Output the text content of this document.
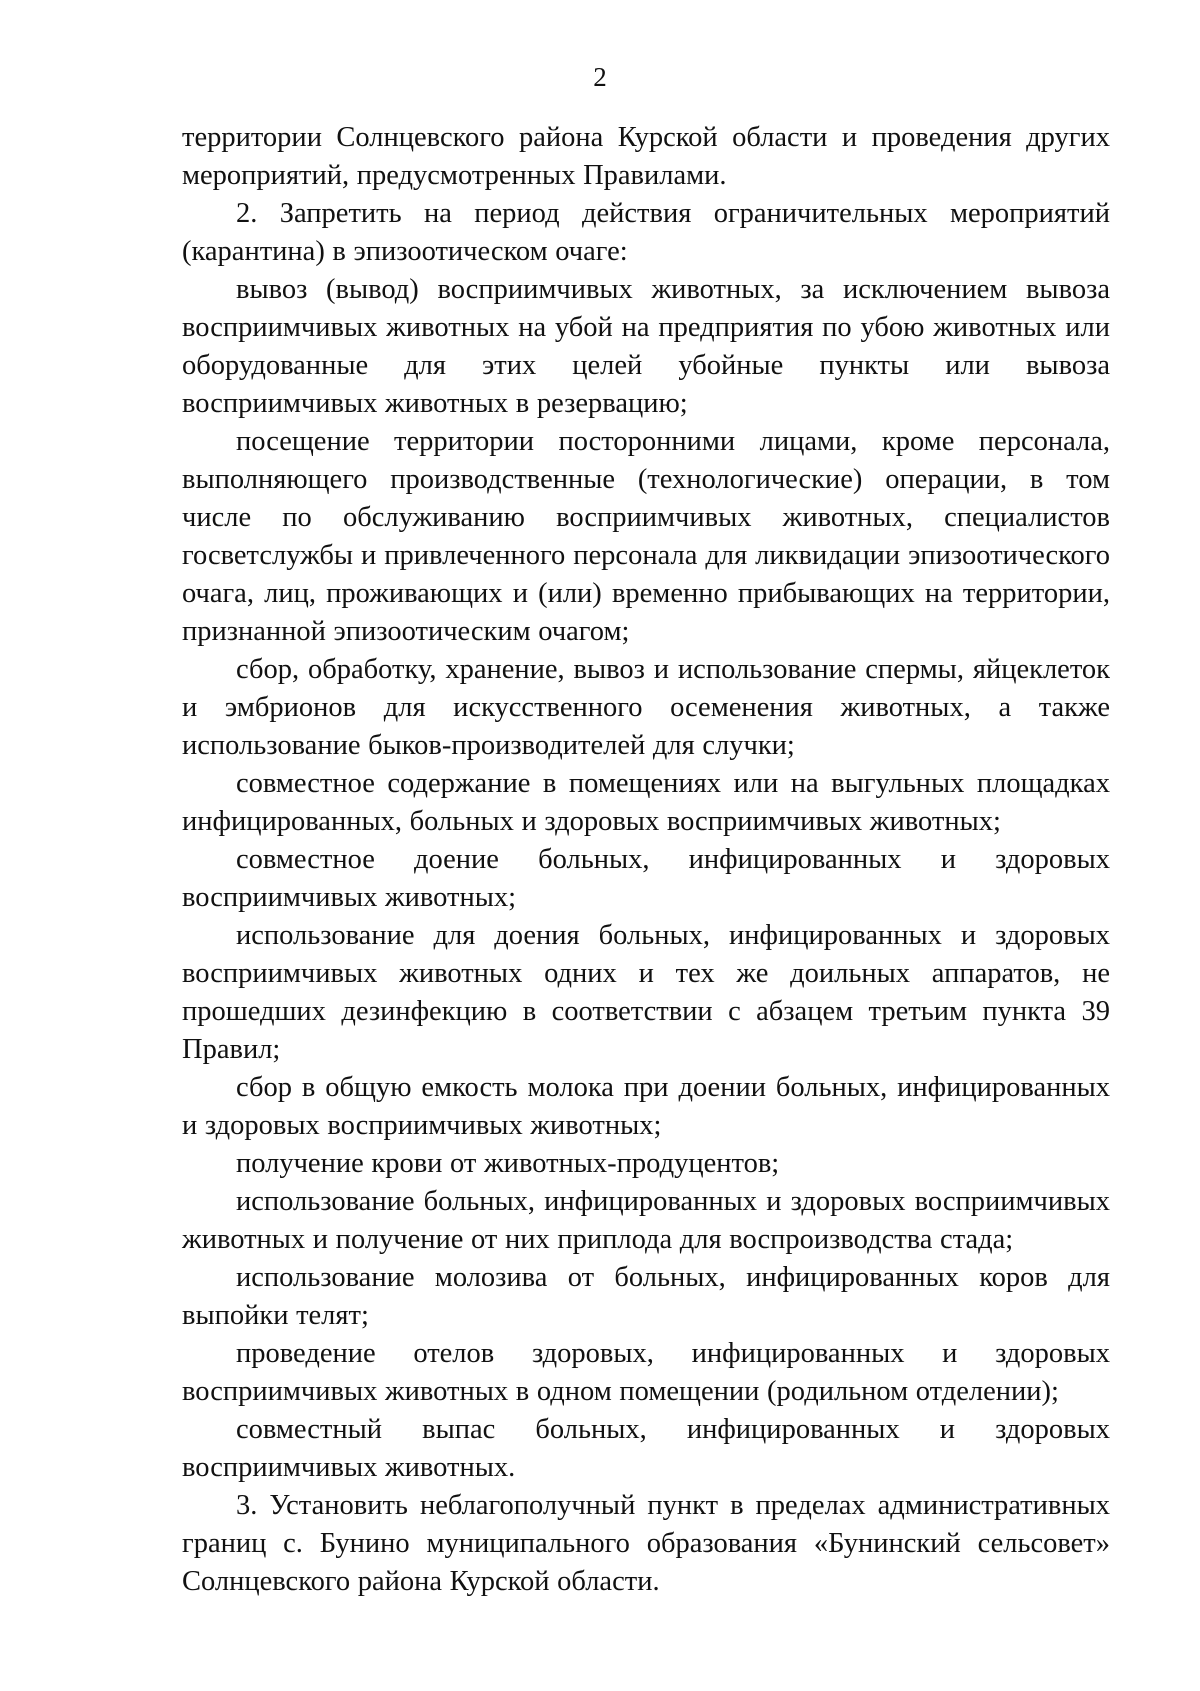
2

территории Солнцевского района Курской области и проведения других мероприятий, предусмотренных Правилами.

2. Запретить на период действия ограничительных мероприятий (карантина) в эпизоотическом очаге:

вывоз (вывод) восприимчивых животных, за исключением вывоза восприимчивых животных на убой на предприятия по убою животных или оборудованные для этих целей убойные пункты или вывоза восприимчивых животных в резервацию;

посещение территории посторонними лицами, кроме персонала, выполняющего производственные (технологические) операции, в том числе по обслуживанию восприимчивых животных, специалистов госветслужбы и привлеченного персонала для ликвидации эпизоотического очага, лиц, проживающих и (или) временно прибывающих на территории, признанной эпизоотическим очагом;

сбор, обработку, хранение, вывоз и использование спермы, яйцеклеток и эмбрионов для искусственного осеменения животных, а также использование быков-производителей для случки;

совместное содержание в помещениях или на выгульных площадках инфицированных, больных и здоровых восприимчивых животных;

совместное доение больных, инфицированных и здоровых восприимчивых животных;

использование для доения больных, инфицированных и здоровых восприимчивых животных одних и тех же доильных аппаратов, не прошедших дезинфекцию в соответствии с абзацем третьим пункта 39 Правил;

сбор в общую емкость молока при доении больных, инфицированных и здоровых восприимчивых животных;

получение крови от животных-продуцентов;

использование больных, инфицированных и здоровых восприимчивых животных и получение от них приплода для воспроизводства стада;

использование молозива от больных, инфицированных коров для выпойки телят;

проведение отелов здоровых, инфицированных и здоровых восприимчивых животных в одном помещении (родильном отделении);

совместный выпас больных, инфицированных и здоровых восприимчивых животных.

3. Установить неблагополучный пункт в пределах административных границ с. Бунино муниципального образования «Бунинский сельсовет» Солнцевского района Курской области.
